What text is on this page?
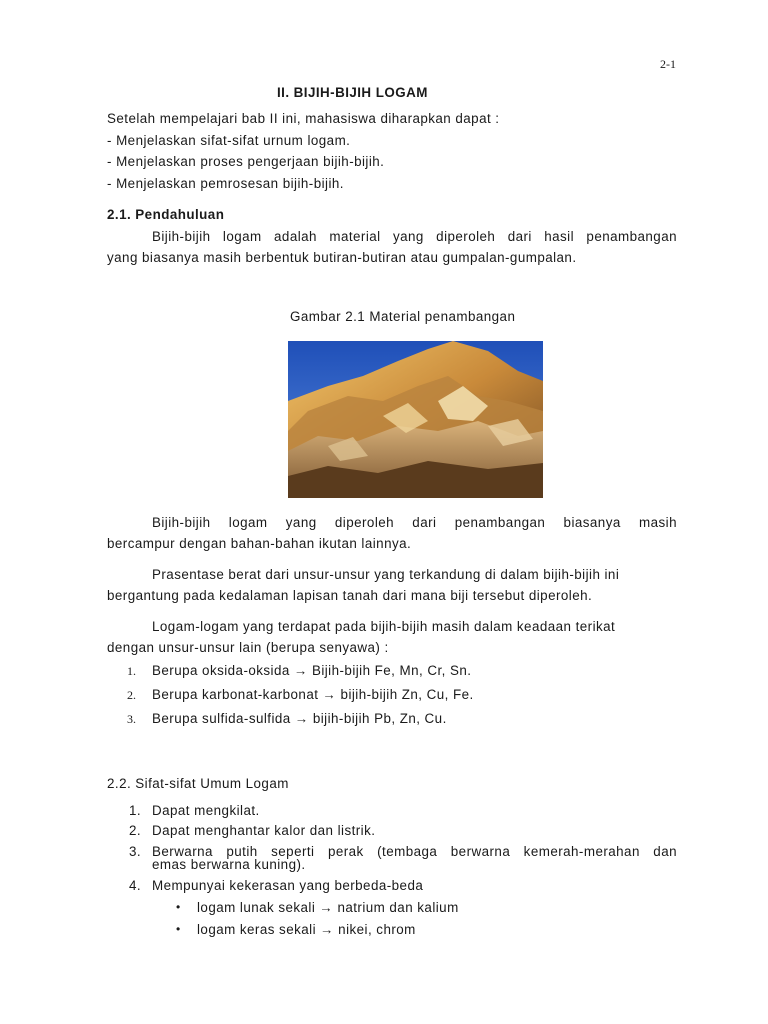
2-1
II. BIJIH-BIJIH LOGAM
Setelah mempelajari bab II ini, mahasiswa diharapkan dapat :
- Menjelaskan sifat-sifat urnum logam.
- Menjelaskan proses pengerjaan bijih-bijih.
- Menjelaskan pemrosesan bijih-bijih.
2.1. Pendahuluan
Bijih-bijih logam adalah material yang diperoleh dari hasil penambangan
yang biasanya masih berbentuk butiran-butiran atau gumpalan-gumpalan.
Gambar 2.1 Material penambangan
Bijih-bijih logam yang diperoleh dari penambangan biasanya masih
bercampur dengan bahan-bahan ikutan lainnya.
Prasentase berat dari unsur-unsur yang terkandung di dalam bijih-bijih ini
bergantung pada kedalaman lapisan tanah dari mana biji tersebut diperoleh.
Logam-logam yang terdapat pada bijih-bijih masih dalam keadaan terikat
dengan unsur-unsur lain (berupa senyawa) :
1. Berupa oksida-oksida → Bijih-bijih Fe, Mn, Cr, Sn.
2. Berupa karbonat-karbonat → bijih-bijih Zn, Cu, Fe.
3. Berupa sulfida-sulfida → bijih-bijih Pb, Zn, Cu.
2.2. Sifat-sifat Umum Logam
1. Dapat mengkilat.
2. Dapat menghantar kalor dan listrik.
3. Berwarna putih seperti perak (tembaga berwarna kemerah-merahan dan
emas berwarna kuning).
4. Mempunyai kekerasan yang berbeda-beda
• logam lunak sekali → natrium dan kalium
• logam keras sekali → nikei, chrom
